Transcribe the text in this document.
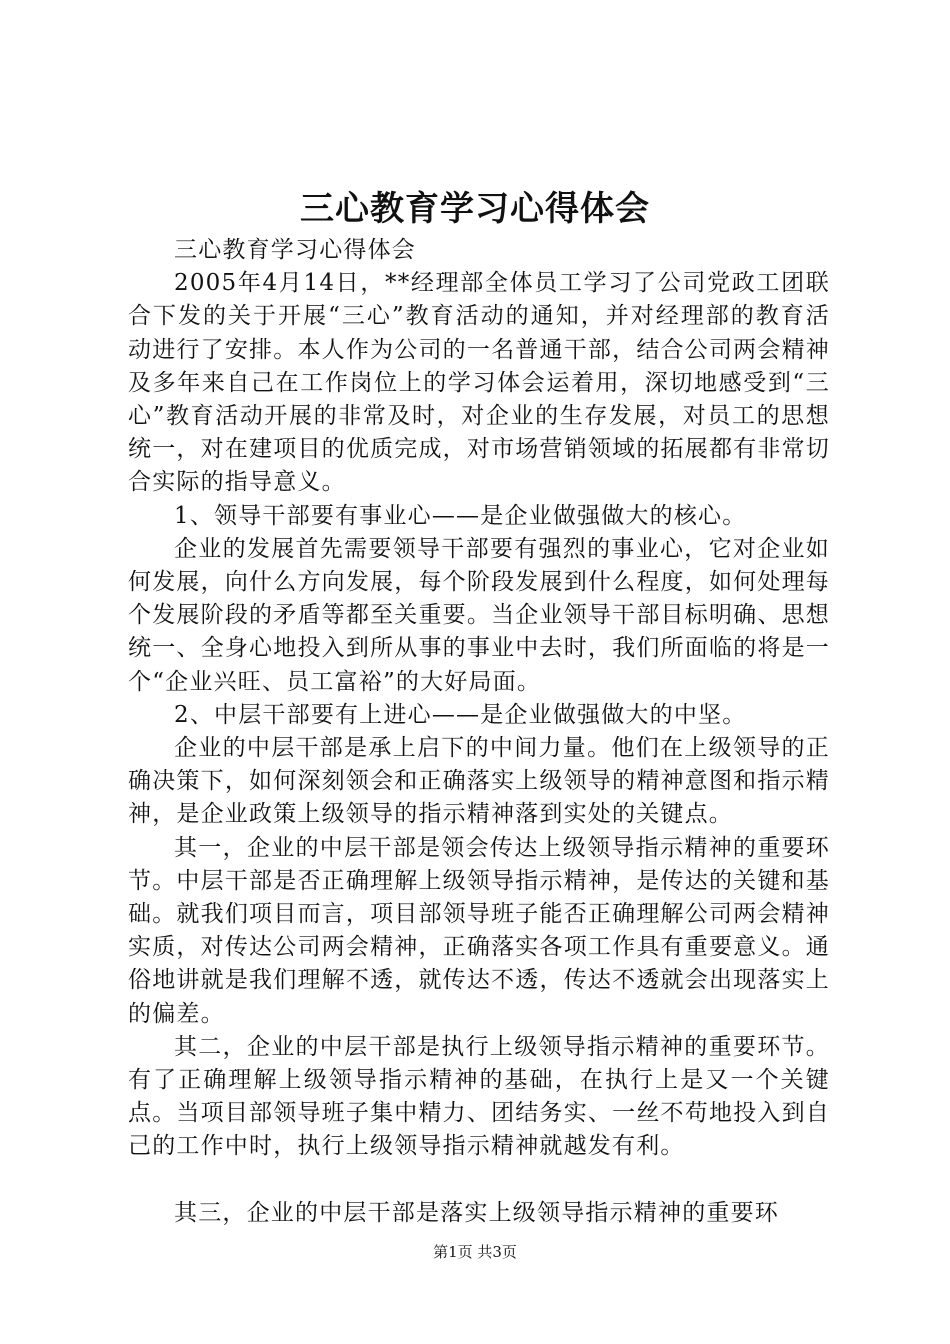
三心教育学习心得体会

三心教育学习心得体会

2005年4月14日，**经理部全体员工学习了公司党政工团联合下发的关于开展“三心”教育活动的通知，并对经理部的教育活动进行了安排。本人作为公司的一名普通干部，结合公司两会精神及多年来自己在工作岗位上的学习体会运着用，深切地感受到“三心”教育活动开展的非常及时，对企业的生存发展，对员工的思想统一，对在建项目的优质完成，对市场营销领域的拓展都有非常切合实际的指导意义。

1、领导干部要有事业心——是企业做强做大的核心。

企业的发展首先需要领导干部要有强烈的事业心，它对企业如何发展，向什么方向发展，每个阶段发展到什么程度，如何处理每个发展阶段的矛盾等都至关重要。当企业领导干部目标明确、思想统一、全身心地投入到所从事的事业中去时，我们所面临的将是一个“企业兴旺、员工富裕”的大好局面。

2、中层干部要有上进心——是企业做强做大的中坚。

企业的中层干部是承上启下的中间力量。他们在上级领导的正确决策下，如何深刻领会和正确落实上级领导的精神意图和指示精神，是企业政策上级领导的指示精神落到实处的关键点。

其一，企业的中层干部是领会传达上级领导指示精神的重要环节。中层干部是否正确理解上级领导指示精神，是传达的关键和基础。就我们项目而言，项目部领导班子能否正确理解公司两会精神实质，对传达公司两会精神，正确落实各项工作具有重要意义。通俗地讲就是我们理解不透，就传达不透，传达不透就会出现落实上的偏差。

其二，企业的中层干部是执行上级领导指示精神的重要环节。有了正确理解上级领导指示精神的基础，在执行上是又一个关键点。当项目部领导班子集中精力、团结务实、一丝不苟地投入到自己的工作中时，执行上级领导指示精神就越发有利。

其三，企业的中层干部是落实上级领导指示精神的重要环

第1页 共3页
